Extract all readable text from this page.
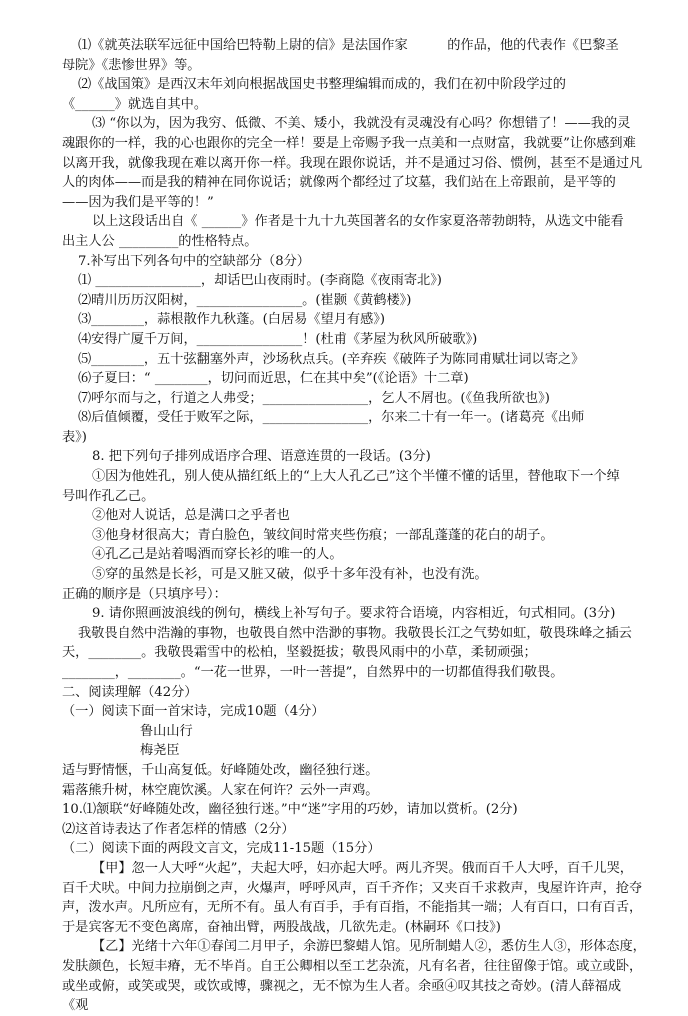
⑴《就英法联军远征中国给巴特勒上尉的信》是法国作家　　　的作品，他的代表作《巴黎圣

母院》《悲惨世界》等。

⑵《战国策》是西汉末年刘向根据战国史书整理编辑而成的，我们在初中阶段学过的

《______》就选自其中。

⑶ “你以为，因为我穷、低微、不美、矮小，我就没有灵魂没有心吗？你想错了！——我的灵

魂跟你的一样，我的心也跟你的完全一样！要是上帝赐予我一点美和一点财富，我就要”让你感到难

以离开我，就像我现在难以离开你一样。我现在跟你说话，并不是通过习俗、惯例，甚至不是通过凡

人的肉体——而是我的精神在同你说话；就像两个都经过了坟墓，我们站在上帝跟前，是平等的

——因为我们是平等的！”

以上这段话出自《 ______》作者是十九十九英国著名的女作家夏洛蒂勃朗特，从选文中能看

出主人公 _________的性格特点。

7.补写出下列各句中的空缺部分（8分）

⑴ ________________，却话巴山夜雨时。(李商隐《夜雨寄北》)

⑵晴川历历汉阳树，________________。(崔颢《黄鹤楼》)

⑶________，蒜根散作九秋蓬。(白居易《望月有感》)

⑷安得广厦千万间，________________！(杜甫《茅屋为秋风所破歌》)

⑸________，五十弦翻塞外声，沙场秋点兵。(辛弃疾《破阵子为陈同甫赋壮词以寄之》

⑹子夏曰：“ ________，切问而近思，仁在其中矣”(《论语》十二章)

⑺呼尔而与之，行道之人弗受；________________，乞人不屑也。(《鱼我所欲也》)

⑻后值倾覆，受任于败军之际，________________，尔来二十有一年一。(诸葛亮《出师

表》)

8. 把下列句子排列成语序合理、语意连贯的一段话。(3分)

①因为他姓孔，别人使从描红纸上的“上大人孔乙己”这个半懂不懂的话里，替他取下一个绰

号叫作孔乙己。

②他对人说话，总是满口之乎者也

③他身材很高大；青白脸色，皱纹间时常夹些伤痕；一部乱蓬蓬的花白的胡子。

④孔乙己是站着喝酒而穿长衫的唯一的人。

⑤穿的虽然是长衫，可是又脏又破，似乎十多年没有补，也没有洗。

正确的顺序是（只填序号）：

9. 请你照画波浪线的例句，横线上补写句子。要求符合语境，内容相近，句式相同。(3分)

我敬畏自然中浩瀚的事物，也敬畏自然中浩渺的事物。我敬畏长江之气势如虹，敬畏珠峰之插云

天，________。我敬畏霜雪中的松柏，坚毅挺拔；敬畏风雨中的小草，柔韧顽强；

________，________。“一花一世界，一叶一菩提”，自然界中的一切都值得我们敬畏。

二、阅读理解（42分）

（一）阅读下面一首宋诗，完成10题（4分）

鲁山山行

梅尧臣

适与野情惬，千山高复低。好峰随处改，幽径独行迷。

霜落熊升树，林空鹿饮溪。人家在何许？云外一声鸡。

10.⑴颔联“好峰随处改，幽径独行迷。”中“迷”字用的巧妙，请加以赏析。(2分)

⑵这首诗表达了作者怎样的情感（2分）

（二）阅读下面的两段文言文，完成11-15题（15分）

【甲】忽一人大呼“火起”，夫起大呼，妇亦起大呼。两儿齐哭。俄而百千人大呼，百千儿哭，

百千犬吠。中间力拉崩倒之声，火爆声，呼呼风声，百千齐作；又夹百千求救声，曳屋许许声，抢夺

声，泼水声。凡所应有，无所不有。虽人有百手，手有百指，不能指其一端；人有百口，口有百舌，

于是宾客无不变色离席，奋袖出臂，两股战战，几欲先走。(林嗣环《口技》)

【乙】光绪十六年①春闰二月甲子，余游巴黎蜡人馆。见所制蜡人②，悉仿生人③，形体态度，

发肤颜色，长短丰瘠，无不毕肖。自王公卿相以至工艺杂流，凡有名者，往往留像于馆。或立或卧，

或坐或俯，或笑或哭，或饮或博，骤视之，无不惊为生人者。余亟④叹其技之奇妙。(清人薛福成《观
